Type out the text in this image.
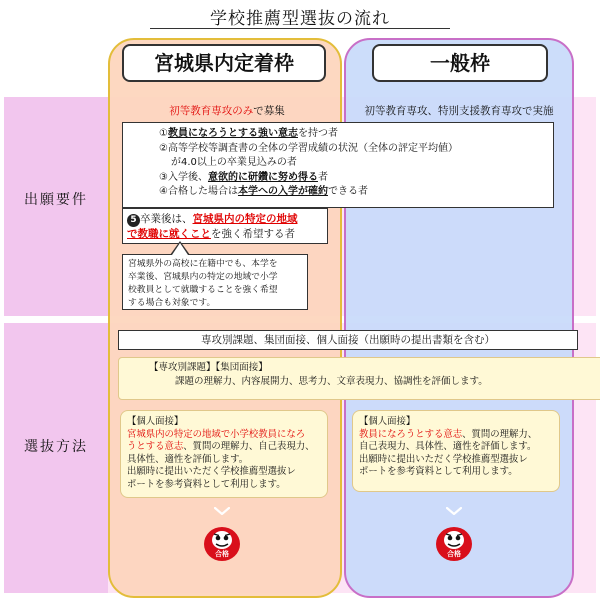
学校推薦型選抜の流れ
出願要件
選抜方法
宮城県内定着枠	一般枠
初等教育専攻のみで募集	初等教育専攻、特別支援教育専攻で実施
①教員になろうとする強い意志を持つ者
②高等学校等調査書の全体の学習成績の状況（全体の評定平均値）
が4.0以上の卒業見込みの者
③入学後、意欲的に研鑽に努め得る者
④合格した場合は本学への入学が確約できる者
5 卒業後は、宮城県内の特定の地域
で教職に就くことを強く希望する者
宮城県外の高校に在籍中でも、本学を
卒業後、宮城県内の特定の地域で小学
校教員として就職することを強く希望
する場合も対象です。
専攻別課題、集団面接、個人面接（出願時の提出書類を含む）
【専攻別課題】【集団面接】
課題の理解力、内容展開力、思考力、文章表現力、協調性を評価します。
【個人面接】
宮城県内の特定の地域で小学校教員になろ
うとする意志、質問の理解力、自己表現力、
具体性、適性を評価します。
出願時に提出いただく学校推薦型選抜レ
ポートを参考資料として利用します。
【個人面接】
教員になろうとする意志、質問の理解力、
自己表現力、具体性、適性を評価します。
出願時に提出いただく学校推薦型選抜レ
ポートを参考資料として利用します。
合格	合格
